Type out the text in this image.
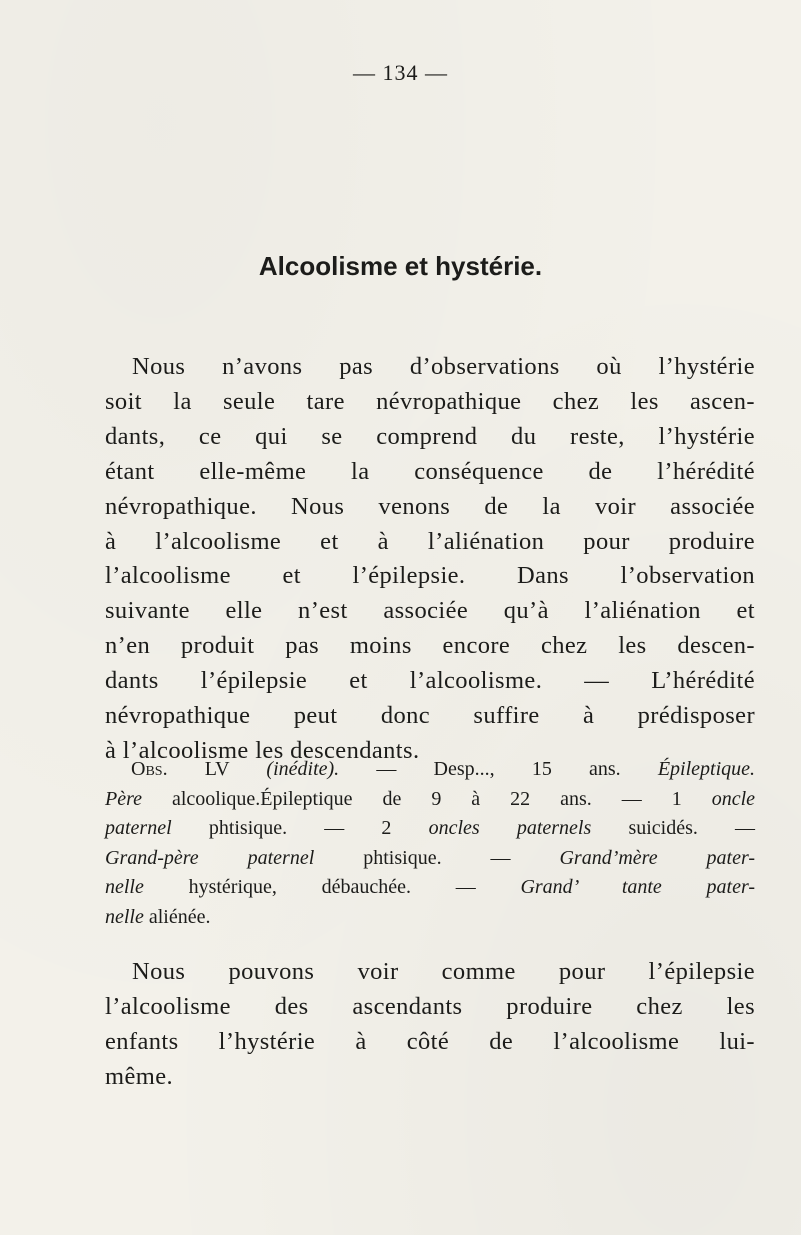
— 134 —
Alcoolisme et hystérie.

Nous n’avons pas d’observations où l’hystérie
soit la seule tare névropathique chez les ascen-
dants, ce qui se comprend du reste, l’hystérie
étant elle-même la conséquence de l’hérédité
névropathique. Nous venons de la voir associée
à l’alcoolisme et à l’aliénation pour produire
l’alcoolisme et l’épilepsie. Dans l’observation
suivante elle n’est associée qu’à l’aliénation et
n’en produit pas moins encore chez les descen-
dants l’épilepsie et l’alcoolisme. — L’hérédité
névropathique peut donc suffire à prédisposer
à l’alcoolisme les descendants.

Obs. LV (inédite). — Desp..., 15 ans. Épileptique.
Père alcoolique.Épileptique de 9 à 22 ans. — 1 oncle
paternel phtisique. — 2 oncles paternels suicidés. —
Grand-père paternel phtisique. — Grand’mère pater-
nelle hystérique, débauchée. — Grand’ tante pater-
nelle aliénée.

Nous pouvons voir comme pour l’épilepsie
l’alcoolisme des ascendants produire chez les
enfants l’hystérie à côté de l’alcoolisme lui-
même.
